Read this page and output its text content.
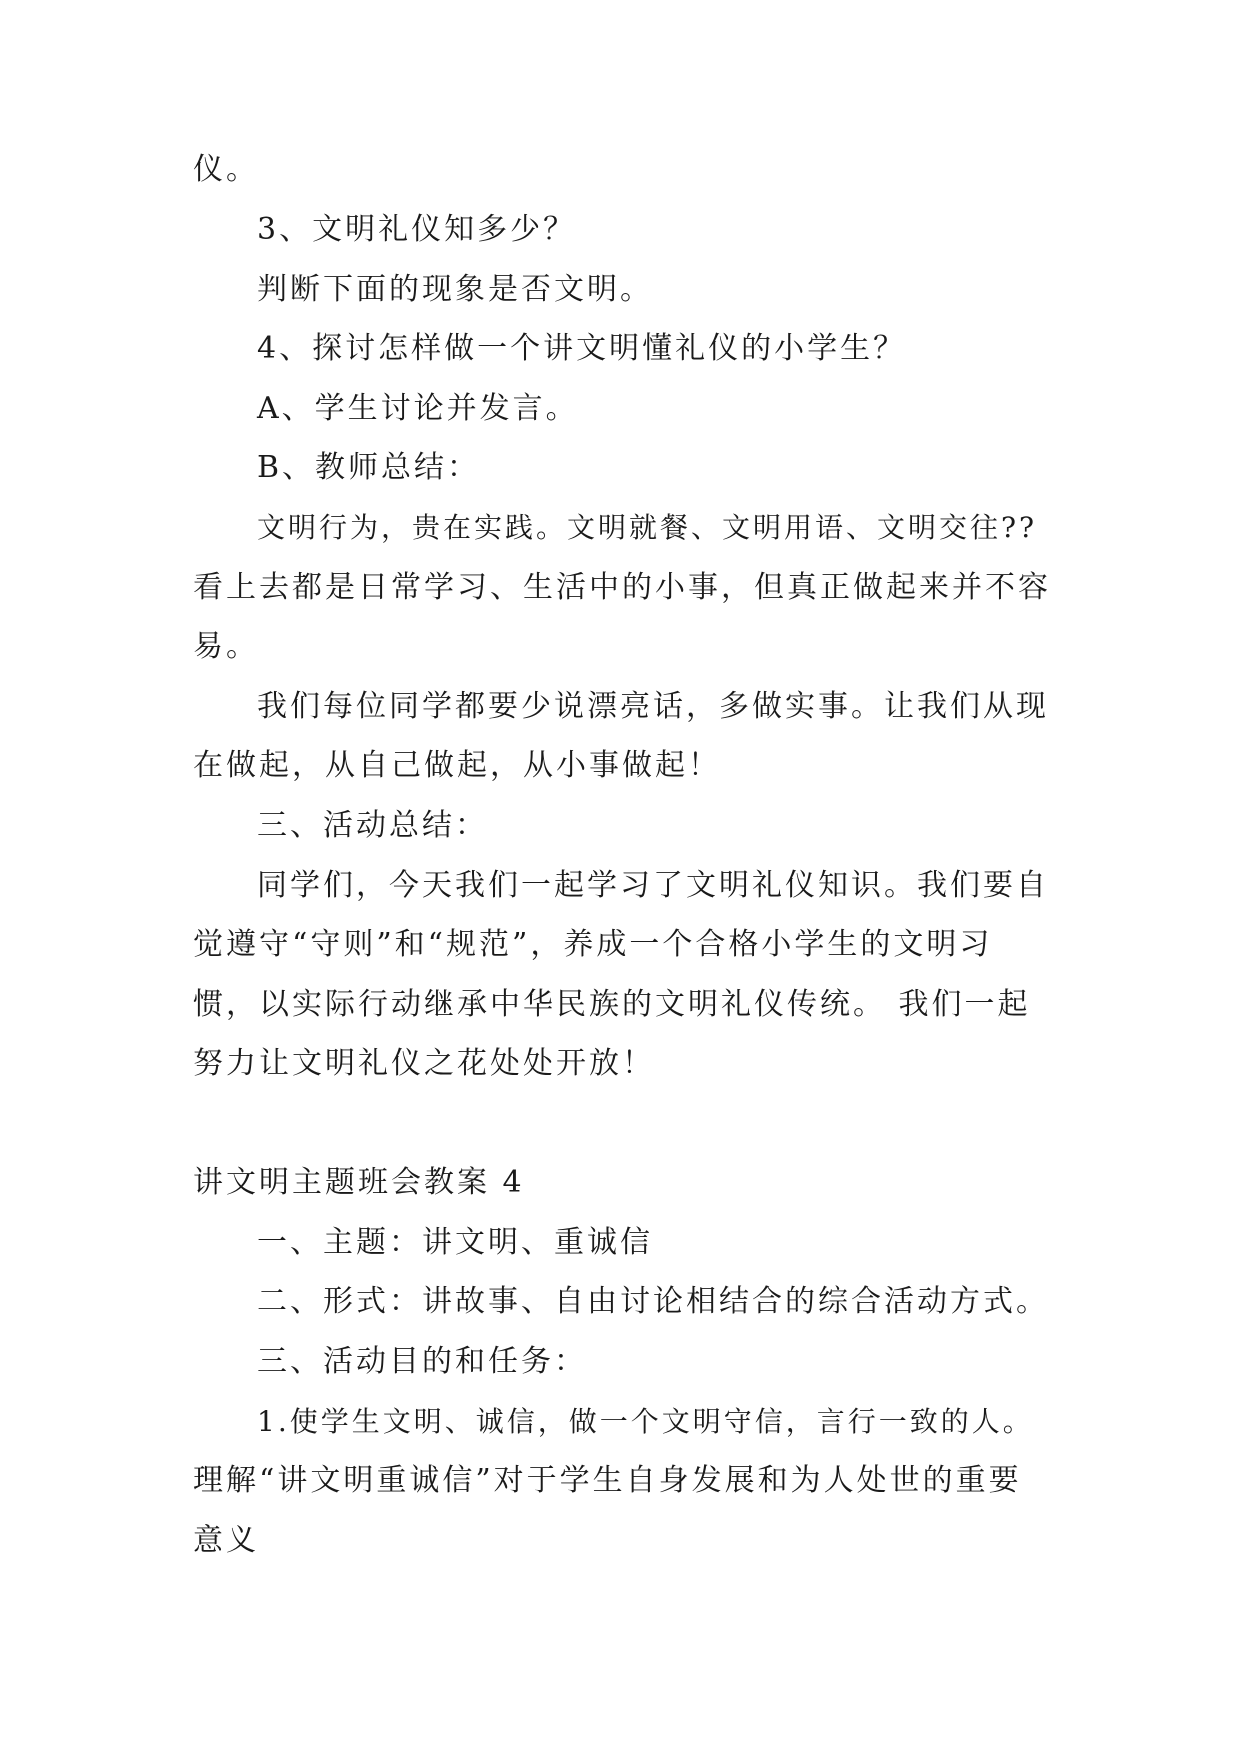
仪。

3、文明礼仪知多少？

判断下面的现象是否文明。

4、探讨怎样做一个讲文明懂礼仪的小学生？

A、学生讨论并发言。

B、教师总结：

文明行为，贵在实践。文明就餐、文明用语、文明交往??

看上去都是日常学习、生活中的小事，但真正做起来并不容

易。

我们每位同学都要少说漂亮话，多做实事。让我们从现

在做起，从自己做起，从小事做起！

三、活动总结：

同学们，今天我们一起学习了文明礼仪知识。我们要自

觉遵守“守则”和“规范”，养成一个合格小学生的文明习

惯，以实际行动继承中华民族的文明礼仪传统。 我们一起

努力让文明礼仪之花处处开放！

讲文明主题班会教案 4

一、主题：讲文明、重诚信

二、形式：讲故事、自由讨论相结合的综合活动方式。

三、活动目的和任务：

1.使学生文明、诚信，做一个文明守信，言行一致的人。

理解“讲文明重诚信”对于学生自身发展和为人处世的重要

意义
